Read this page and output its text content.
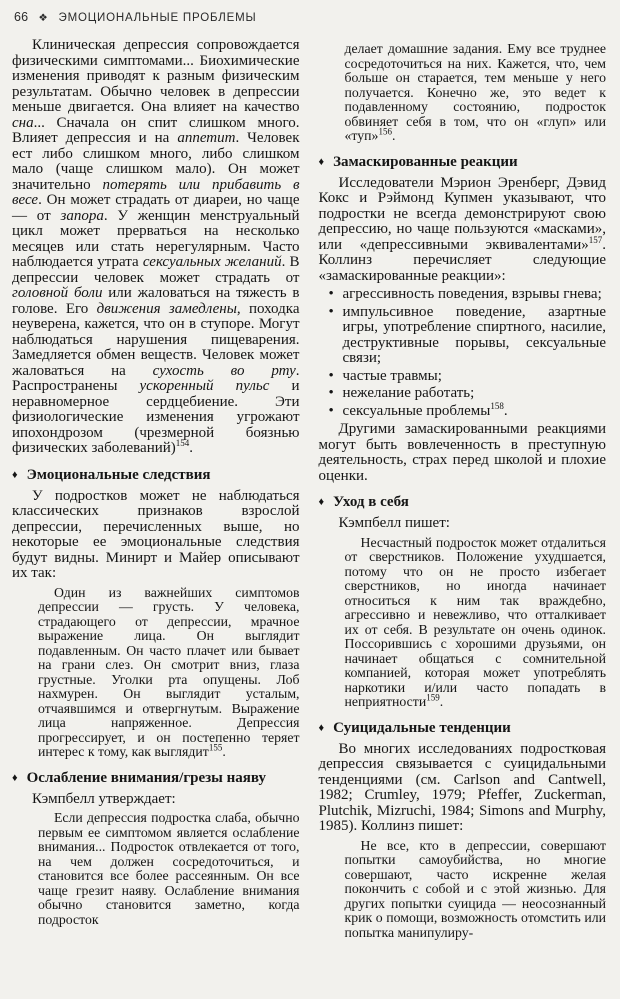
66 ❖ ЭМОЦИОНАЛЬНЫЕ ПРОБЛЕМЫ

Клиническая депрессия сопровождается физическими симптомами... Биохимические изменения приводят к разным физическим результатам. Обычно человек в депрессии меньше двигается. Она влияет на качество сна... Сначала он спит слишком много. Влияет депрессия и на аппетит. Человек ест либо слишком много, либо слишком мало (чаще слишком мало). Он может значительно потерять или прибавить в весе. Он может страдать от диареи, но чаще — от запора. У женщин менструальный цикл может прерваться на несколько месяцев или стать нерегулярным. Часто наблюдается утрата сексуальных желаний. В депрессии человек может страдать от головной боли или жаловаться на тяжесть в голове. Его движения замедлены, походка неуверена, кажется, что он в ступоре. Могут наблюдаться нарушения пищеварения. Замедляется обмен веществ. Человек может жаловаться на сухость во рту. Распространены ускоренный пульс и неравномерное сердцебиение. Эти физиологические изменения угрожают ипохондрозом (чрезмерной боязнью физических заболеваний)$^{154}$.

♦ Эмоциональные следствия

У подростков может не наблюдаться классических признаков взрослой депрессии, перечисленных выше, но некоторые ее эмоциональные следствия будут видны. Минирт и Майер описывают их так:

Один из важнейших симптомов депрессии — грусть. У человека, страдающего от депрессии, мрачное выражение лица. Он выглядит подавленным. Он часто плачет или бывает на грани слез. Он смотрит вниз, глаза грустные. Уголки рта опущены. Лоб нахмурен. Он выглядит усталым, отчаявшимся и отвергнутым. Выражение лица напряженное. Депрессия прогрессирует, и он постепенно теряет интерес к тому, как выглядит$^{155}$.

♦ Ослабление внимания/грезы наяву

Кэмпбелл утверждает:

Если депрессия подростка слаба, обычно первым ее симптомом является ослабление внимания... Подросток отвлекается от того, на чем должен сосредоточиться, и становится все более рассеянным. Он все чаще грезит наяву. Ослабление внимания обычно становится заметно, когда подросток

делает домашние задания. Ему все труднее сосредоточиться на них. Кажется, что, чем больше он старается, тем меньше у него получается. Конечно же, это ведет к подавленному состоянию, подросток обвиняет себя в том, что он «глуп» или «туп»$^{156}$.

♦ Замаскированные реакции

Исследователи Мэрион Эренберг, Дэвид Кокс и Рэймонд Купмен указывают, что подростки не всегда демонстрируют свою депрессию, но чаще пользуются «масками», или «депрессивными эквивалентами»$^{157}$. Коллинз перечисляет следующие «замаскированные реакции»:

• агрессивность поведения, взрывы гнева;
• импульсивное поведение, азартные игры, употребление спиртного, насилие, деструктивные порывы, сексуальные связи;
• частые травмы;
• нежелание работать;
• сексуальные проблемы$^{158}$.

Другими замаскированными реакциями могут быть вовлеченность в преступную деятельность, страх перед школой и плохие оценки.

♦ Уход в себя

Кэмпбелл пишет:

Несчастный подросток может отдалиться от сверстников. Положение ухудшается, потому что он не просто избегает сверстников, но иногда начинает относиться к ним так враждебно, агрессивно и невежливо, что отталкивает их от себя. В результате он очень одинок. Поссорившись с хорошими друзьями, он начинает общаться с сомнительной компанией, которая может употреблять наркотики и/или часто попадать в неприятности$^{159}$.

♦ Суицидальные тенденции

Во многих исследованиях подростковая депрессия связывается с суицидальными тенденциями (см. Carlson and Cantwell, 1982; Crumley, 1979; Pfeffer, Zuckerman, Plutchik, Mizruchi, 1984; Simons and Murphy, 1985). Коллинз пишет:

Не все, кто в депрессии, совершают попытки самоубийства, но многие совершают, часто искренне желая покончить с собой и с этой жизнью. Для других попытки суицида — неосознанный крик о помощи, возможность отомстить или попытка манипулиру-
